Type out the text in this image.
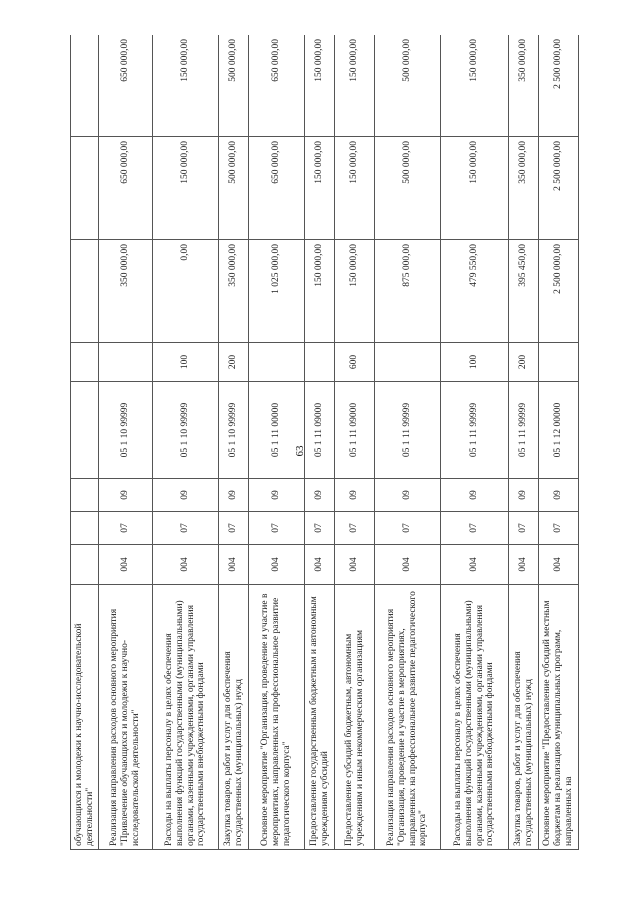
63
обучающихся и молодежи к научно-исследовательской деятельности"								
Реализация направления расходов основного мероприятия "Привлечение обучающихся и молодежи к научно-исследовательской деятельности"	004	07	09	05 1 10 99999		350 000,00	650 000,00	650 000,00
Расходы на выплаты персоналу в целях обеспечения выполнения функций государственными (муниципальными) органами, казенными учреждениями, органами управления государственными внебюджетными фондами	004	07	09	05 1 10 99999	100	0,00	150 000,00	150 000,00
Закупка товаров, работ и услуг для обеспечения государственных (муниципальных) нужд	004	07	09	05 1 10 99999	200	350 000,00	500 000,00	500 000,00
Основное мероприятие "Организация, проведение и участие в мероприятиях, направленных на профессиональное развитие педагогического корпуса"	004	07	09	05 1 11 00000		1 025 000,00	650 000,00	650 000,00
Предоставление государственным бюджетным и автономным учреждениям субсидий	004	07	09	05 1 11 09000		150 000,00	150 000,00	150 000,00
Предоставление субсидий бюджетным, автономным учреждениям и иным некоммерческим организациям	004	07	09	05 1 11 09000	600	150 000,00	150 000,00	150 000,00
Реализация направления расходов основного мероприятия "Организация, проведение и участие в мероприятиях, направленных на профессиональное развитие педагогического корпуса"	004	07	09	05 1 11 99999		875 000,00	500 000,00	500 000,00
Расходы на выплаты персоналу в целях обеспечения выполнения функций государственными (муниципальными) органами, казенными учреждениями, органами управления государственными внебюджетными фондами	004	07	09	05 1 11 99999	100	479 550,00	150 000,00	150 000,00
Закупка товаров, работ и услуг для обеспечения государственных (муниципальных) нужд	004	07	09	05 1 11 99999	200	395 450,00	350 000,00	350 000,00
Основное мероприятие "Предоставление субсидий местным бюджетам на реализацию муниципальных программ, направленных на	004	07	09	05 1 12 00000		2 500 000,00	2 500 000,00	2 500 000,00
